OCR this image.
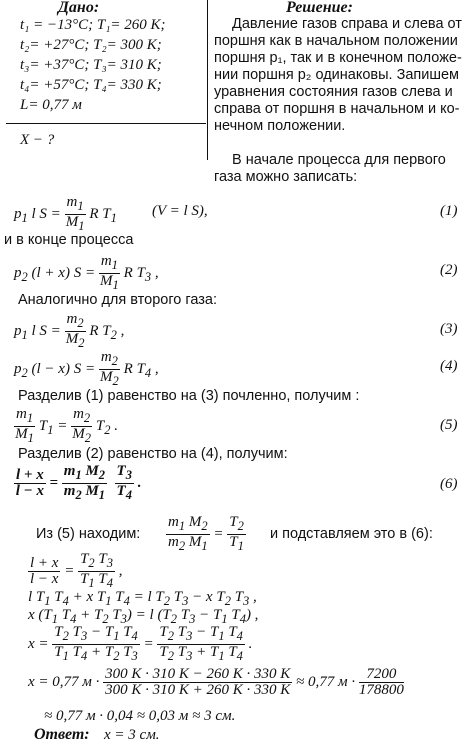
Дано:
t₁ = −13°C; T₁= 260 K;
t₂= +27°C; T₂= 300 K;
t₃= +37°C; T₃= 310 K;
t₄= +57°C; T₄= 330 K;
L= 0,77 м
X − ?
Решение:
Давление газов справа и слева от
поршня как в начальном положении
поршня p₁, так и в конечном положе-
нии поршня p₂ одинаковы. Запишем
уравнения состояния газов слева и
справа от поршня в начальном и ко-
нечном положении.
В начале процесса для первого
газа можно записать:
$p_1$ l $S = \frac{m_1}{M_1}$ R $T_1$ (V = l S),	(1)
и в конце процесса
$p_2$ (l + x) $S = \frac{m_1}{M_1}$ R $T_3$ ,	(2)
Аналогично для второго газа:
$p_1$ l $S = \frac{m_2}{M_2}$ R $T_2$ ,	(3)
$p_2$ (l − x) $S = \frac{m_2}{M_2}$ R $T_4$ ,	(4)
Разделив (1) равенство на (3) почленно, получим :
$\frac{m_1}{M_1} T_1 = \frac{m_2}{M_2} T_2$ .	(5)
Разделив (2) равенство на (4), получим:
$\frac{l + x}{l - x} = \frac{m_1 M_2}{m_2 M_1}$
$\frac{T_3}{T_4}$ .	(6)
Из (5) находим: $\frac{m_1 M_2}{m_2 M_1} = \frac{T_2}{T_1}$ и подставляем это в (6):
$\frac{l + x}{l - x} = \frac{T_2 T_3}{T_1 T_4}$ ,
l $T_1$ $T_4 + x$ $T_1$ $T_4 = l$ $T_2$ $T_3 - x$ $T_2$ $T_3$ ,
x ($T_1$ $T_4 + T_2$ $T_3) = l$ ($T_2$ $T_3 - T_1$ $T_4$) ,
$x = \frac{T_2 T_3 - T_1 T_4}{T_1 T_4 + T_2 T_3} = \frac{T_2 T_3 - T_1 T_4}{T_2 T_3 + T_1 T_4}$ .
x = 0,77 $м \cdot \frac{300 K \cdot 310 K - 260 K \cdot 330 K}{300 K \cdot 310 K + 260 K \cdot 330 K} \approx 0,77$ $м \cdot \frac{7200}{178800}$
≈ 0,77 м · 0,04 ≈ 0,03 м ≈ 3 см.
Ответ: x = 3 см.
